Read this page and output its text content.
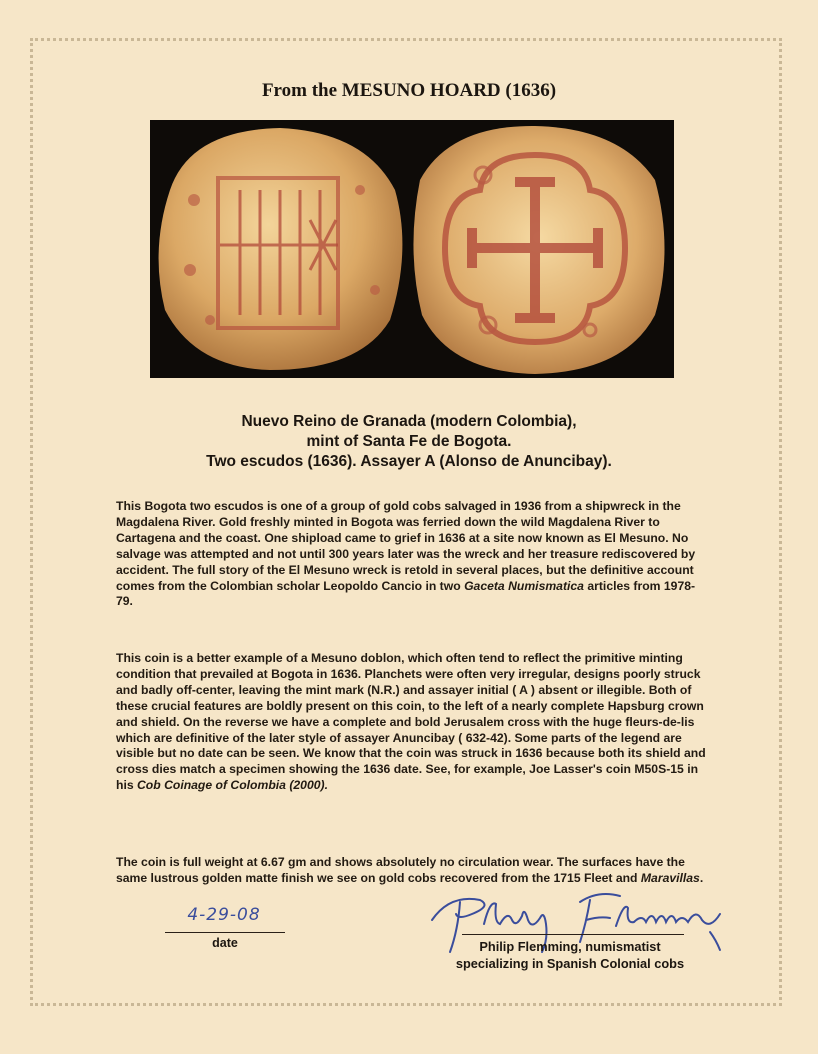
From the MESUNO HOARD (1636)
Nuevo Reino de Granada (modern Colombia),
mint of Santa Fe de Bogota.
Two escudos (1636). Assayer A (Alonso de Anuncibay).
This Bogota two escudos is one of a group of gold cobs salvaged in 1936 from a shipwreck in the Magdalena River. Gold freshly minted in Bogota was ferried down the wild Magdalena River to Cartagena and the coast. One shipload came to grief in 1636 at a site now known as El Mesuno. No salvage was attempted and not until 300 years later was the wreck and her treasure rediscovered by accident. The full story of the El Mesuno wreck is retold in several places, but the definitive account comes from the Colombian scholar Leopoldo Cancio in two Gaceta Numismatica articles from 1978-79.
This coin is a better example of a Mesuno doblon, which often tend to reflect the primitive minting condition that prevailed at Bogota in 1636. Planchets were often very irregular, designs poorly struck and badly off-center, leaving the mint mark (N.R.) and assayer initial ( A ) absent or illegible. Both of these crucial features are boldly present on this coin, to the left of a nearly complete Hapsburg crown and shield. On the reverse we have a complete and bold Jerusalem cross with the huge fleurs-de-lis which are definitive of the later style of assayer Anuncibay ( 632-42). Some parts of the legend are visible but no date can be seen. We know that the coin was struck in 1636 because both its shield and cross dies match a specimen showing the 1636 date. See, for example, Joe Lasser's coin M50S-15 in his Cob Coinage of Colombia (2000).
The coin is full weight at 6.67 gm and shows absolutely no circulation wear. The surfaces have the same lustrous golden matte finish we see on gold cobs recovered from the 1715 Fleet and Maravillas.
4-29-08
date	Philip Flemming, numismatist
specializing in Spanish Colonial cobs
